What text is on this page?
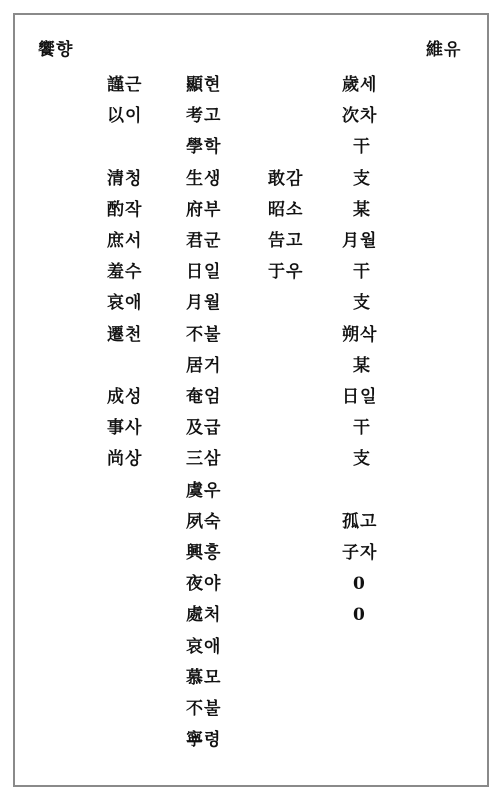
饗향	維유
謹근
以이
清청
酌작
庶서
羞수
哀애
遷천
成성
事사
尚상
顯현
考고
學학
生생
府부
君군
日일
月월
不불
居거
奄엄
及급
三삼
虞우
夙숙
興흥
夜야
處처
哀애
慕모
不불
寧령
敢감
昭소
告고
于우
歲세
次차
干
支
某
月월
干
支
朔삭
某
日일
干
支
孤고
子자
0
0
